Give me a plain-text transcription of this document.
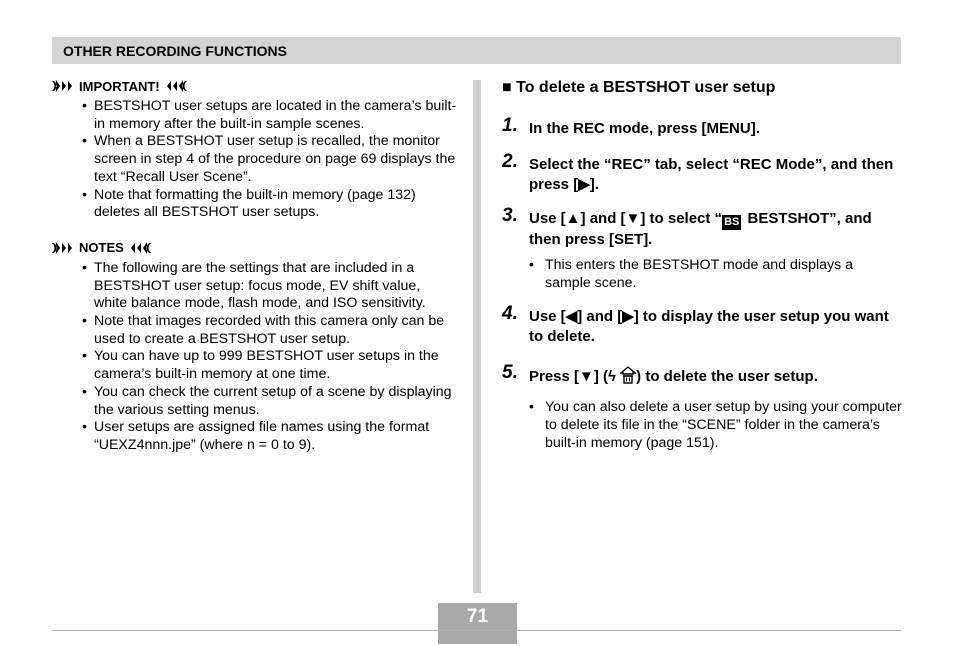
OTHER RECORDING FUNCTIONS
IMPORTANT!
• BESTSHOT user setups are located in the camera’s built-in memory after the built-in sample scenes.
• When a BESTSHOT user setup is recalled, the monitor screen in step 4 of the procedure on page 69 displays the text “Recall User Scene”.
• Note that formatting the built-in memory (page 132) deletes all BESTSHOT user setups.
NOTES
• The following are the settings that are included in a BESTSHOT user setup: focus mode, EV shift value, white balance mode, flash mode, and ISO sensitivity.
• Note that images recorded with this camera only can be used to create a BESTSHOT user setup.
• You can have up to 999 BESTSHOT user setups in the camera’s built-in memory at one time.
• You can check the current setup of a scene by displaying the various setting menus.
• User setups are assigned file names using the format “UEXZ4nnn.jpe” (where n = 0 to 9).
■ To delete a BESTSHOT user setup
1. In the REC mode, press [MENU].
2. Select the “REC” tab, select “REC Mode”, and then press [▶].
3. Use [▲] and [▼] to select “ BS BESTSHOT”, and then press [SET].
• This enters the BESTSHOT mode and displays a sample scene.
4. Use [◀] and [▶] to display the user setup you want to delete.
5. Press [▼] (ϟ ) to delete the user setup.
• You can also delete a user setup by using your computer to delete its file in the “SCENE” folder in the camera’s built-in memory (page 151).
71
